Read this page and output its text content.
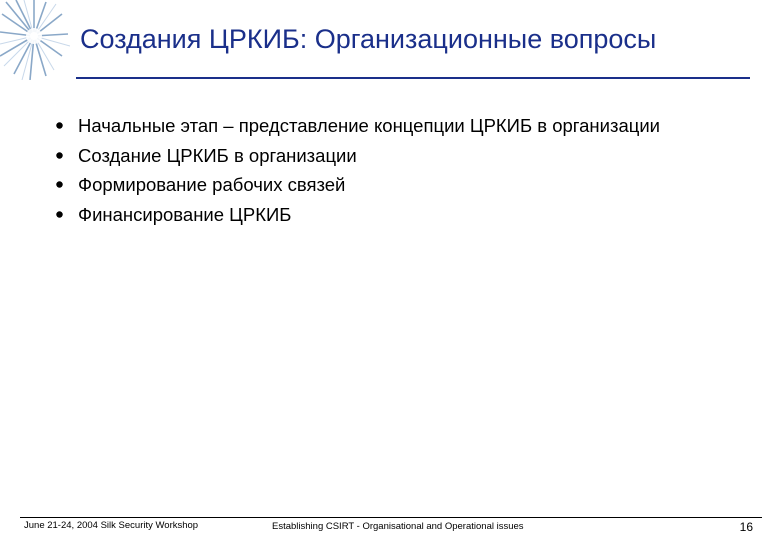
Создания ЦРКИБ: Организационные вопросы
Начальные этап – представление концепции ЦРКИБ в организации
Создание ЦРКИБ в организации
Формирование рабочих связей
Финансирование ЦРКИБ
June 21-24, 2004 Silk Security Workshop	Establishing CSIRT - Organisational and Operational issues	16
